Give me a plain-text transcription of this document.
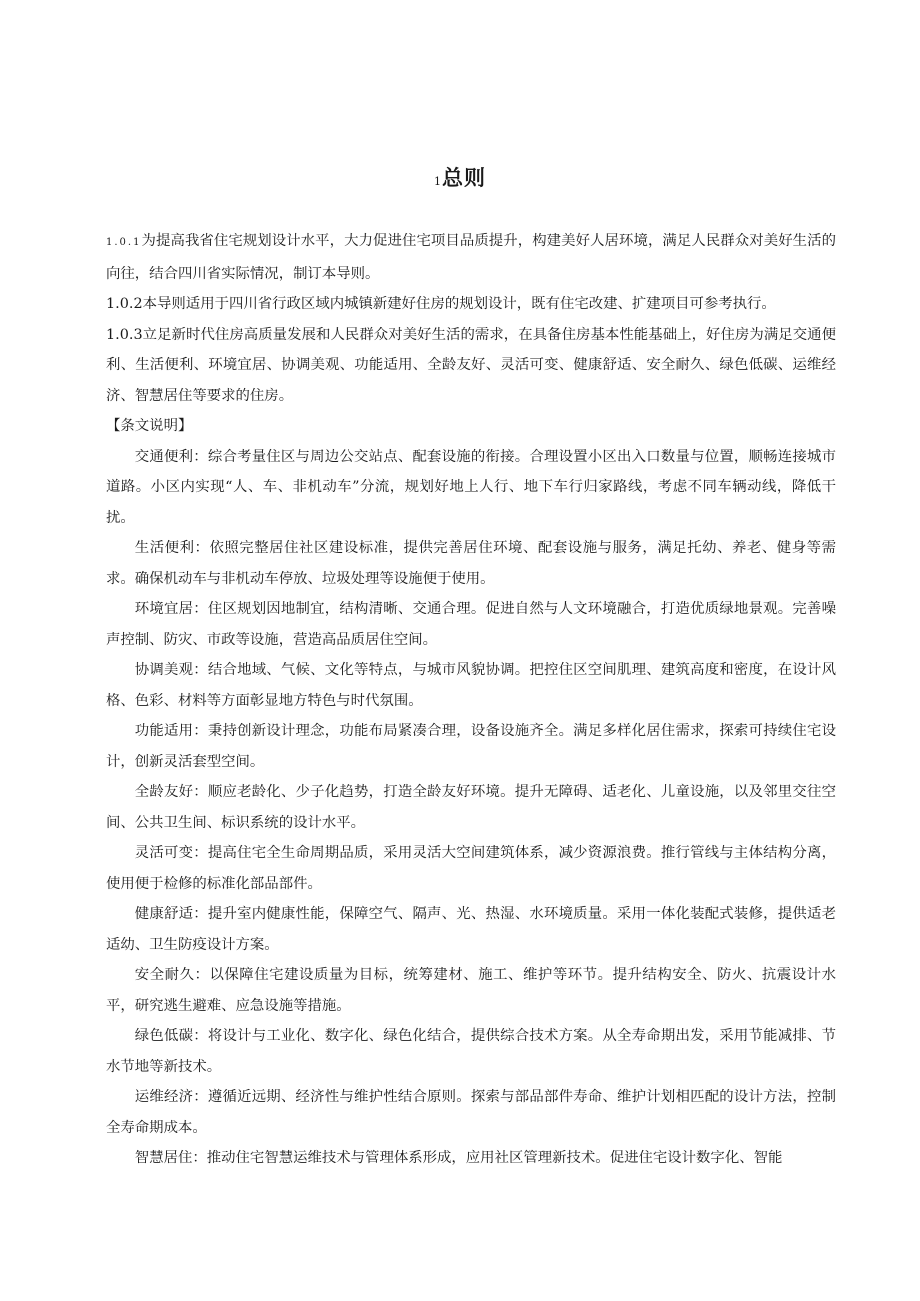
1总则

1.0.1为提高我省住宅规划设计水平，大力促进住宅项目品质提升，构建美好人居环境，满足人民群众对美好生活的向往，结合四川省实际情况，制订本导则。

1.0.2本导则适用于四川省行政区域内城镇新建好住房的规划设计，既有住宅改建、扩建项目可参考执行。

1.0.3立足新时代住房高质量发展和人民群众对美好生活的需求，在具备住房基本性能基础上，好住房为满足交通便利、生活便利、环境宜居、协调美观、功能适用、全龄友好、灵活可变、健康舒适、安全耐久、绿色低碳、运维经济、智慧居住等要求的住房。

【条文说明】

交通便利：综合考量住区与周边公交站点、配套设施的衔接。合理设置小区出入口数量与位置，顺畅连接城市道路。小区内实现“人、车、非机动车”分流，规划好地上人行、地下车行归家路线，考虑不同车辆动线，降低干扰。

生活便利：依照完整居住社区建设标准，提供完善居住环境、配套设施与服务，满足托幼、养老、健身等需求。确保机动车与非机动车停放、垃圾处理等设施便于使用。

环境宜居：住区规划因地制宜，结构清晰、交通合理。促进自然与人文环境融合，打造优质绿地景观。完善噪声控制、防灾、市政等设施，营造高品质居住空间。

协调美观：结合地域、气候、文化等特点，与城市风貌协调。把控住区空间肌理、建筑高度和密度，在设计风格、色彩、材料等方面彰显地方特色与时代氛围。

功能适用：秉持创新设计理念，功能布局紧凑合理，设备设施齐全。满足多样化居住需求，探索可持续住宅设计，创新灵活套型空间。

全龄友好：顺应老龄化、少子化趋势，打造全龄友好环境。提升无障碍、适老化、儿童设施，以及邻里交往空间、公共卫生间、标识系统的设计水平。

灵活可变：提高住宅全生命周期品质，采用灵活大空间建筑体系，减少资源浪费。推行管线与主体结构分离，使用便于检修的标准化部品部件。

健康舒适：提升室内健康性能，保障空气、隔声、光、热湿、水环境质量。采用一体化装配式装修，提供适老适幼、卫生防疫设计方案。

安全耐久：以保障住宅建设质量为目标，统筹建材、施工、维护等环节。提升结构安全、防火、抗震设计水平，研究逃生避难、应急设施等措施。

绿色低碳：将设计与工业化、数字化、绿色化结合，提供综合技术方案。从全寿命期出发，采用节能减排、节水节地等新技术。

运维经济：遵循近远期、经济性与维护性结合原则。探索与部品部件寿命、维护计划相匹配的设计方法，控制全寿命期成本。

智慧居住：推动住宅智慧运维技术与管理体系形成，应用社区管理新技术。促进住宅设计数字化、智能
